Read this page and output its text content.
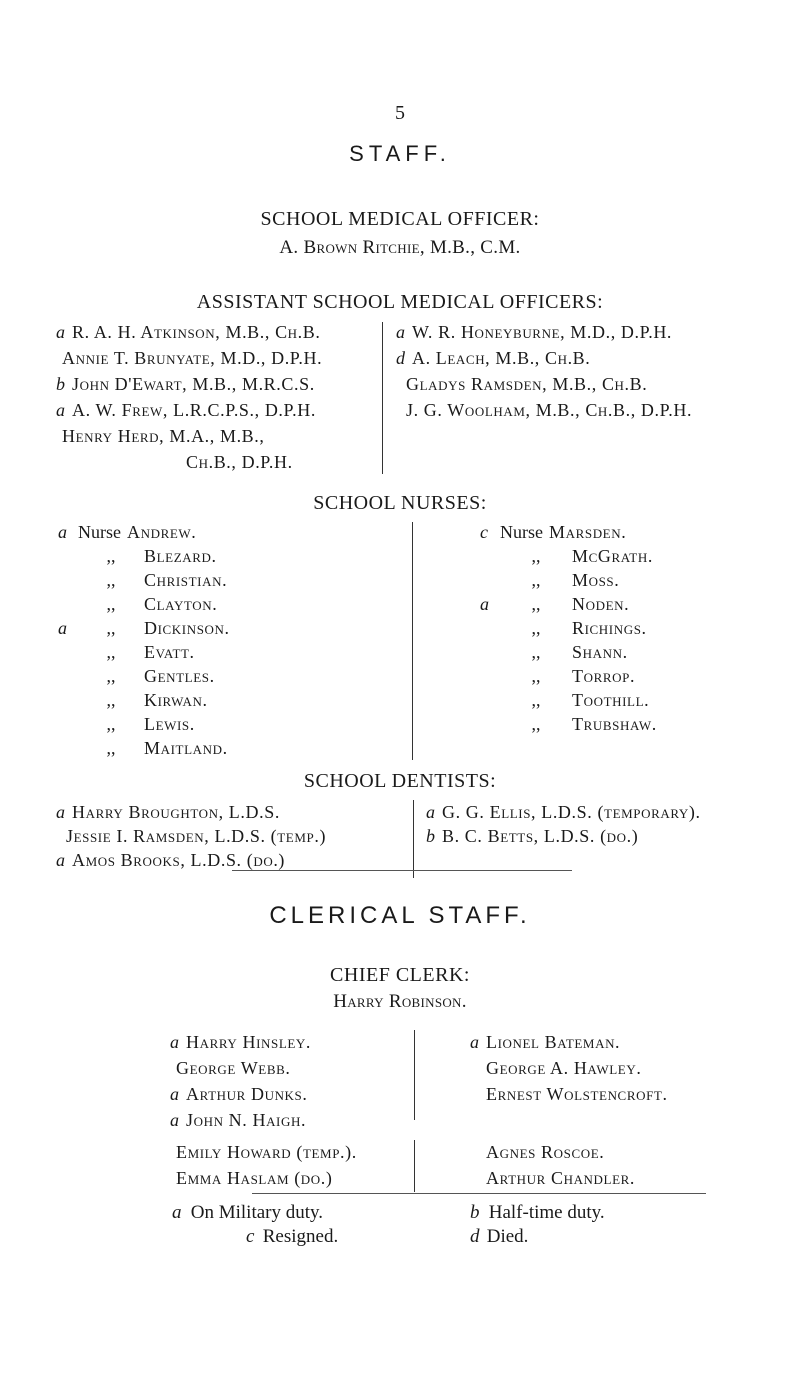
5
STAFF.
SCHOOL MEDICAL OFFICER:
A. Brown Ritchie, M.B., C.M.
ASSISTANT SCHOOL MEDICAL OFFICERS:
a R. A. H. Atkinson, M.B., Ch.B.
Annie T. Brunyate, M.D., D.P.H.
b John D'Ewart, M.B., M.R.C.S.
a A. W. Frew, L.R.C.P.S., D.P.H.
Henry Herd, M.A., M.B.,
Ch.B., D.P.H.
a W. R. Honeyburne, M.D., D.P.H.
d A. Leach, M.B., Ch.B.
Gladys Ramsden, M.B., Ch.B.
J. G. Woolham, M.B., Ch.B., D.P.H.
SCHOOL NURSES:
a Nurse Andrew.
,, Blezard.
,, Christian.
,, Clayton.
a ,, Dickinson.
,, Evatt.
,, Gentles.
,, Kirwan.
,, Lewis.
,, Maitland.
c Nurse Marsden.
,, McGrath.
,, Moss.
a ,, Noden.
,, Richings.
,, Shann.
,, Torrop.
,, Toothill.
,, Trubshaw.
SCHOOL DENTISTS:
a Harry Broughton, L.D.S.
Jessie I. Ramsden, L.D.S. (temp.)
a Amos Brooks, L.D.S. (do.)
a G. G. Ellis, L.D.S. (temporary).
b B. C. Betts, L.D.S. (do.)
CLERICAL STAFF.
CHIEF CLERK:
Harry Robinson.
a Harry Hinsley.
George Webb.
a Arthur Dunks.
a John N. Haigh.
Emily Howard (temp.).
Emma Haslam (do.)
a Lionel Bateman.
George A. Hawley.
Ernest Wolstencroft.
Agnes Roscoe.
Arthur Chandler.
a On Military duty.	b Half-time duty.
c Resigned.	d Died.
